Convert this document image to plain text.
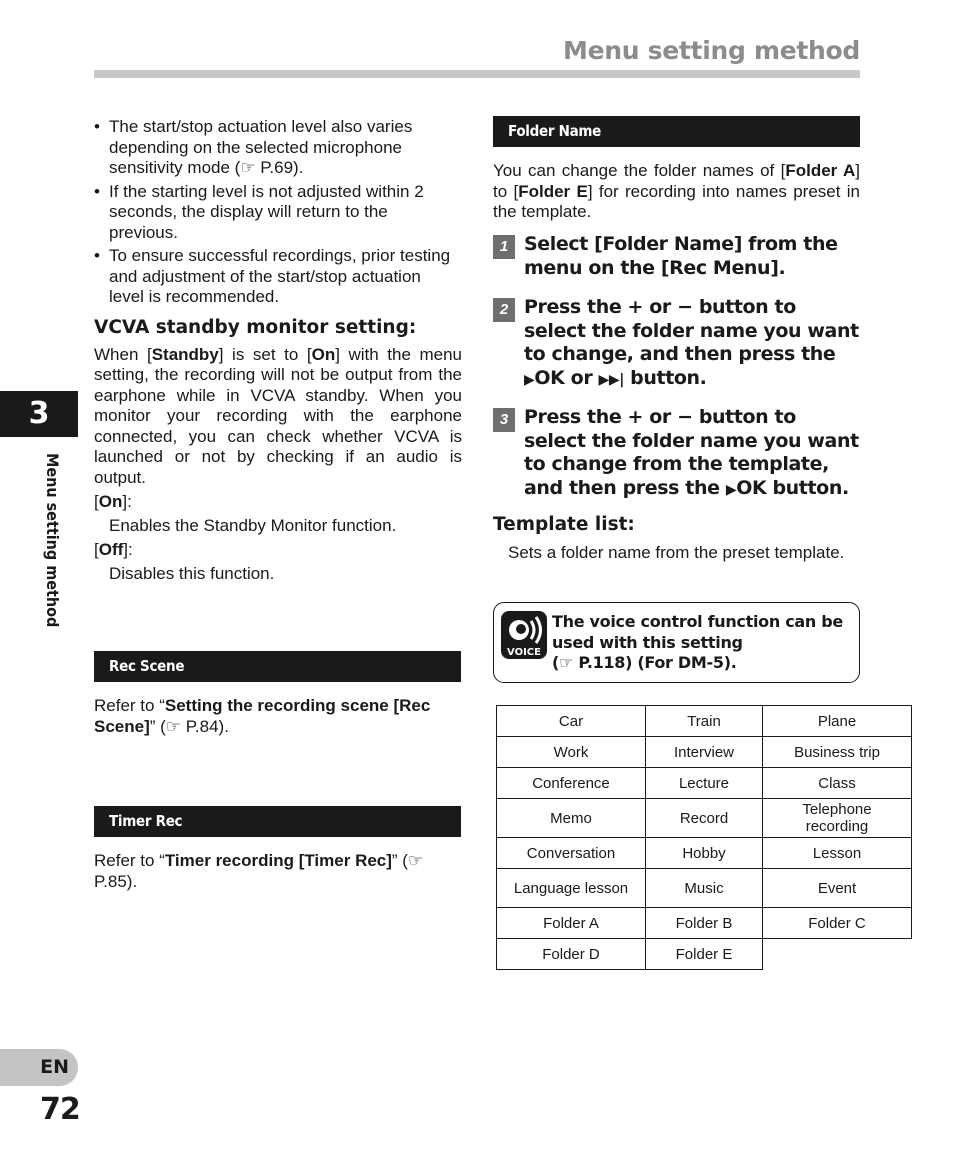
Menu setting method
• The start/stop actuation level also varies depending on the selected microphone sensitivity mode (☞ P.69).
• If the starting level is not adjusted within 2 seconds, the display will return to the previous.
• To ensure successful recordings, prior testing and adjustment of the start/stop actuation level is recommended.
VCVA standby monitor setting:
When [Standby] is set to [On] with the menu setting, the recording will not be output from the earphone while in VCVA standby. When you monitor your recording with the earphone connected, you can check whether VCVA is launched or not by checking if an audio is output.
[On]:
Enables the Standby Monitor function.
[Off]:
Disables this function.
Rec Scene
Refer to “Setting the recording scene [Rec Scene]” (☞ P.84).
Timer Rec
Refer to “Timer recording [Timer Rec]” (☞ P.85).
Folder Name
You can change the folder names of [Folder A] to [Folder E] for recording into names preset in the template.
1 Select [Folder Name] from the menu on the [Rec Menu].
2 Press the + or − button to select the folder name you want to change, and then press the ▶OK or ▶▶| button.
3 Press the + or − button to select the folder name you want to change from the template, and then press the ▶OK button.
Template list:
Sets a folder name from the preset template.
VOICE
The voice control function can be used with this setting
(☞ P.118) (For DM-5).
Car	Train	Plane
Work	Interview	Business trip
Conference	Lecture	Class
Memo	Record	Telephone recording
Conversation	Hobby	Lesson
Language lesson	Music	Event
Folder A	Folder B	Folder C
Folder D	Folder E	
3
Menu setting method
EN
72
